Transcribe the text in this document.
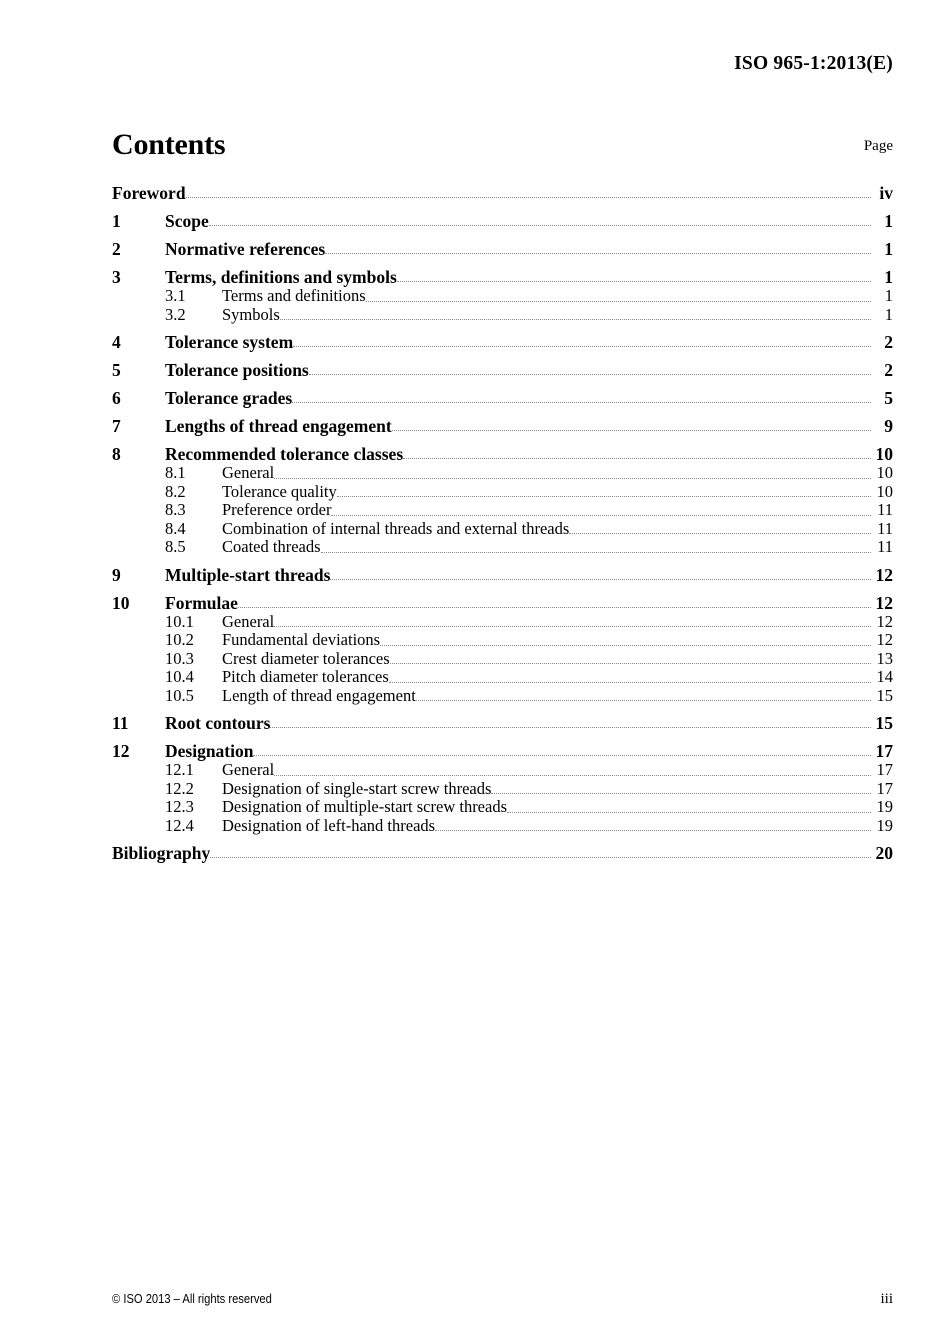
ISO 965-1:2013(E)
Contents	Page
Foreword	iv
1	Scope	1
2	Normative references	1
3	Terms, definitions and symbols	1
3.1	Terms and definitions	1
3.2	Symbols	1
4	Tolerance system	2
5	Tolerance positions	2
6	Tolerance grades	5
7	Lengths of thread engagement	9
8	Recommended tolerance classes	10
8.1	General	10
8.2	Tolerance quality	10
8.3	Preference order	11
8.4	Combination of internal threads and external threads	11
8.5	Coated threads	11
9	Multiple-start threads	12
10	Formulae	12
10.1	General	12
10.2	Fundamental deviations	12
10.3	Crest diameter tolerances	13
10.4	Pitch diameter tolerances	14
10.5	Length of thread engagement	15
11	Root contours	15
12	Designation	17
12.1	General	17
12.2	Designation of single-start screw threads	17
12.3	Designation of multiple-start screw threads	19
12.4	Designation of left-hand threads	19
Bibliography	20
© ISO 2013 – All rights reserved	iii
